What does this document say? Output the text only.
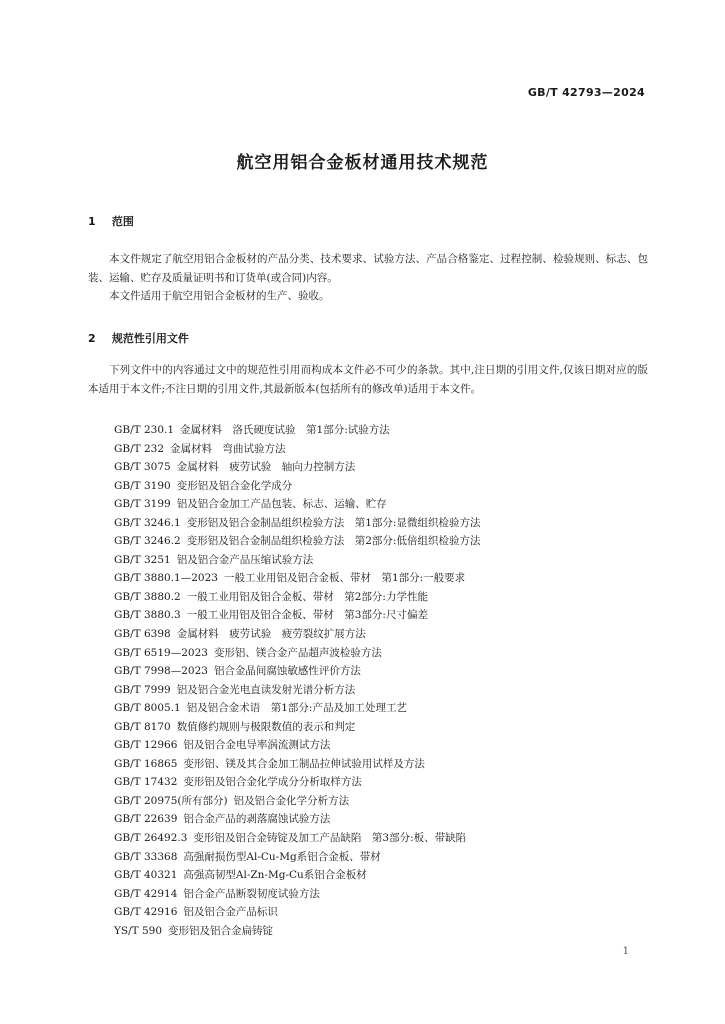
GB/T 42793—2024
航空用铝合金板材通用技术规范
1 范围

本文件规定了航空用铝合金板材的产品分类、技术要求、试验方法、产品合格鉴定、过程控制、检验规则、标志、包装、运输、贮存及质量证明书和订货单(或合同)内容。

本文件适用于航空用铝合金板材的生产、验收。

2 规范性引用文件

下列文件中的内容通过文中的规范性引用而构成本文件必不可少的条款。其中,注日期的引用文件,仅该日期对应的版本适用于本文件;不注日期的引用文件,其最新版本(包括所有的修改单)适用于本文件。

GB/T 230.1 金属材料　洛氏硬度试验　第1部分:试验方法
GB/T 232 金属材料　弯曲试验方法
GB/T 3075 金属材料　疲劳试验　轴向力控制方法
GB/T 3190 变形铝及铝合金化学成分
GB/T 3199 铝及铝合金加工产品包装、标志、运输、贮存
GB/T 3246.1 变形铝及铝合金制品组织检验方法　第1部分:显微组织检验方法
GB/T 3246.2 变形铝及铝合金制品组织检验方法　第2部分:低倍组织检验方法
GB/T 3251 铝及铝合金产品压缩试验方法
GB/T 3880.1—2023 一般工业用铝及铝合金板、带材　第1部分:一般要求
GB/T 3880.2 一般工业用铝及铝合金板、带材　第2部分:力学性能
GB/T 3880.3 一般工业用铝及铝合金板、带材　第3部分:尺寸偏差
GB/T 6398 金属材料　疲劳试验　疲劳裂纹扩展方法
GB/T 6519—2023 变形铝、镁合金产品超声波检验方法
GB/T 7998—2023 铝合金晶间腐蚀敏感性评价方法
GB/T 7999 铝及铝合金光电直读发射光谱分析方法
GB/T 8005.1 铝及铝合金术语　第1部分:产品及加工处理工艺
GB/T 8170 数值修约规则与极限数值的表示和判定
GB/T 12966 铝及铝合金电导率涡流测试方法
GB/T 16865 变形铝、镁及其合金加工制品拉伸试验用试样及方法
GB/T 17432 变形铝及铝合金化学成分分析取样方法
GB/T 20975(所有部分) 铝及铝合金化学分析方法
GB/T 22639 铝合金产品的剥落腐蚀试验方法
GB/T 26492.3 变形铝及铝合金铸锭及加工产品缺陷　第3部分:板、带缺陷
GB/T 33368 高强耐损伤型Al-Cu-Mg系铝合金板、带材
GB/T 40321 高强高韧型Al-Zn-Mg-Cu系铝合金板材
GB/T 42914 铝合金产品断裂韧度试验方法
GB/T 42916 铝及铝合金产品标识
YS/T 590 变形铝及铝合金扁铸锭
1
